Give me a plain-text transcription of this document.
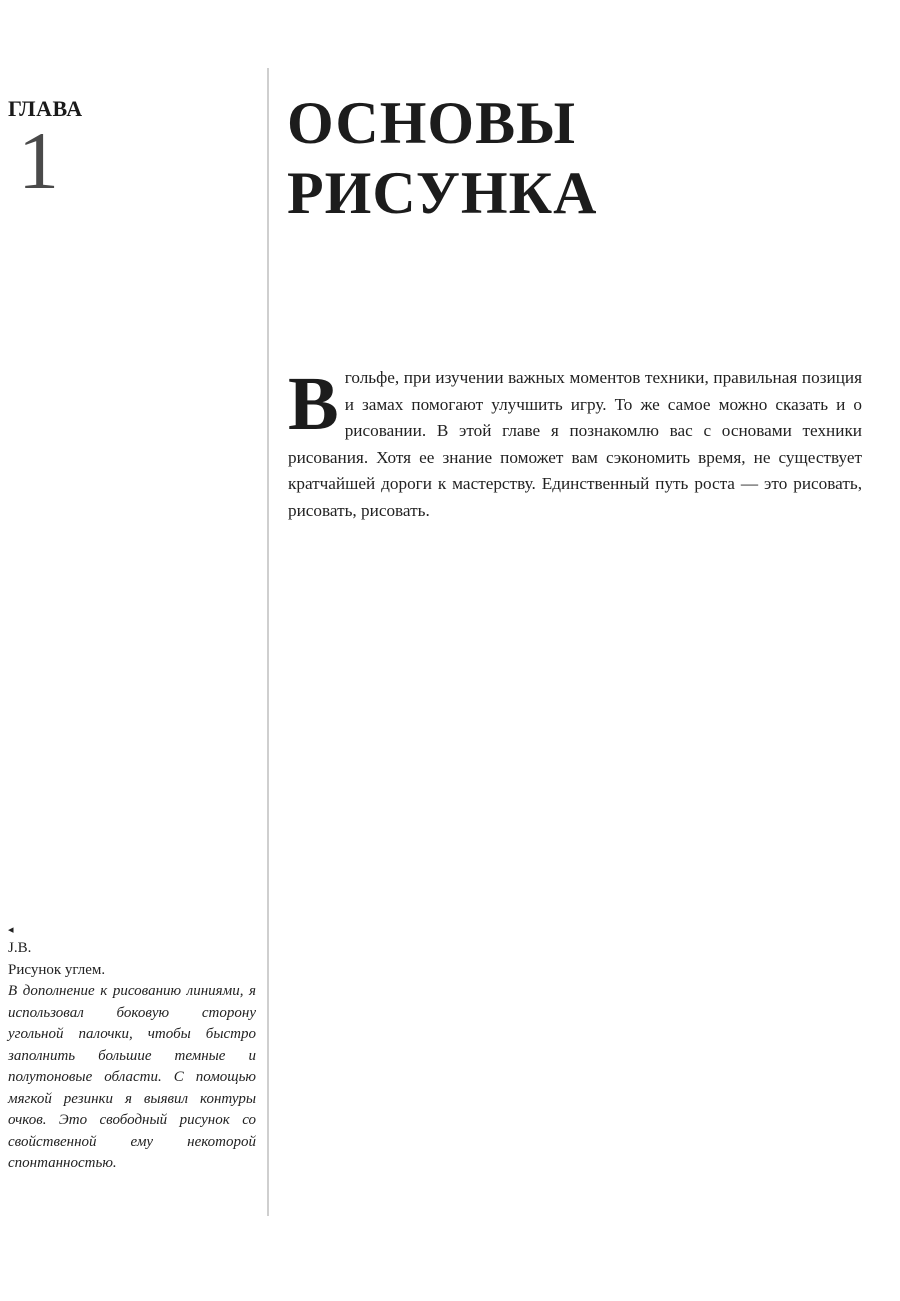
ГЛАВА
1	ОСНОВЫ
РИСУНКА

В гольфе, при изучении важных моментов техники, правильная позиция и замах помогают улучшить игру. То же самое можно сказать и о рисовании. В этой главе я познакомлю вас с основами техники рисования. Хотя ее знание поможет вам сэкономить время, не существует кратчайшей дороги к мастерству. Единственный путь роста — это рисовать, рисовать, рисовать.

◂
J.B.
Рисунок углем.
В дополнение к рисованию линиями, я использовал боковую сторону угольной палочки, чтобы быстро заполнить большие темные и полутоновые области. С помощью мягкой резинки я выявил контуры очков. Это свободный рисунок со свойственной ему некоторой спонтанностью.
